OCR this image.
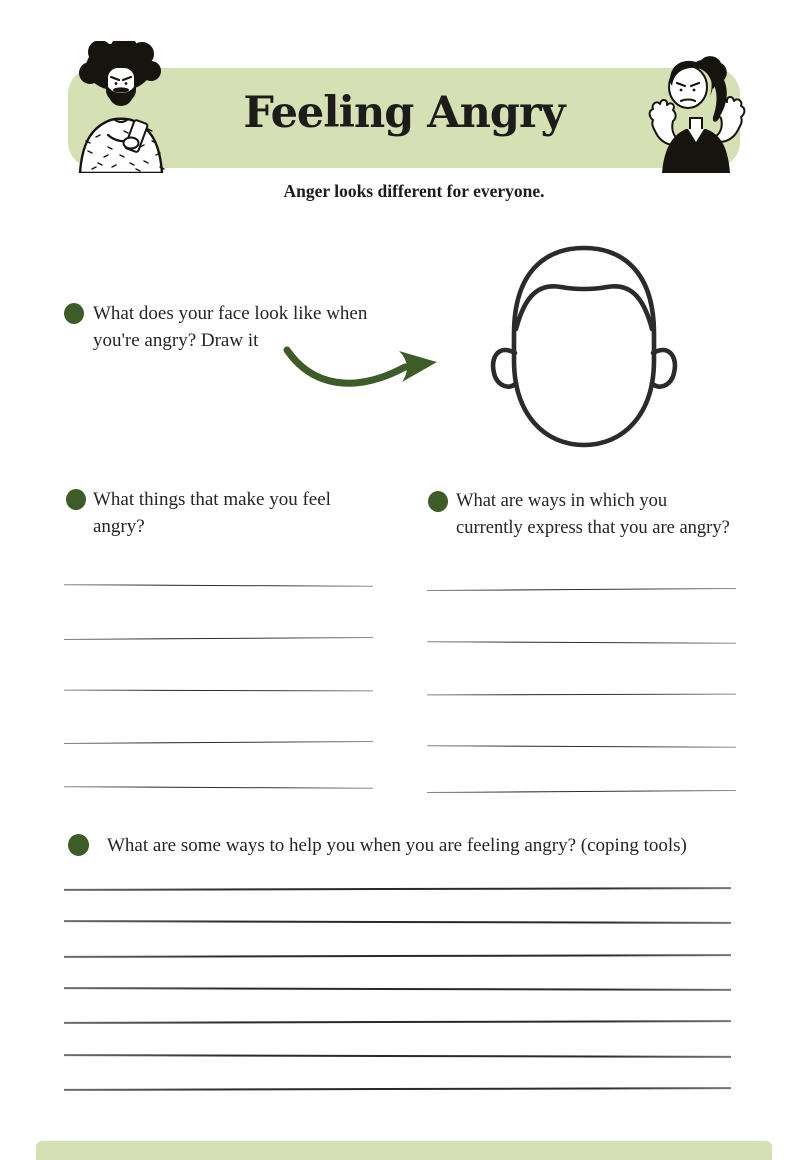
Feeling Angry
Anger looks different for everyone.
What does your face look like when
you're angry? Draw it
What things that make you feel
angry?
What are ways in which you
currently express that you are angry?
What are some ways to help you when you are feeling angry? (coping tools)
